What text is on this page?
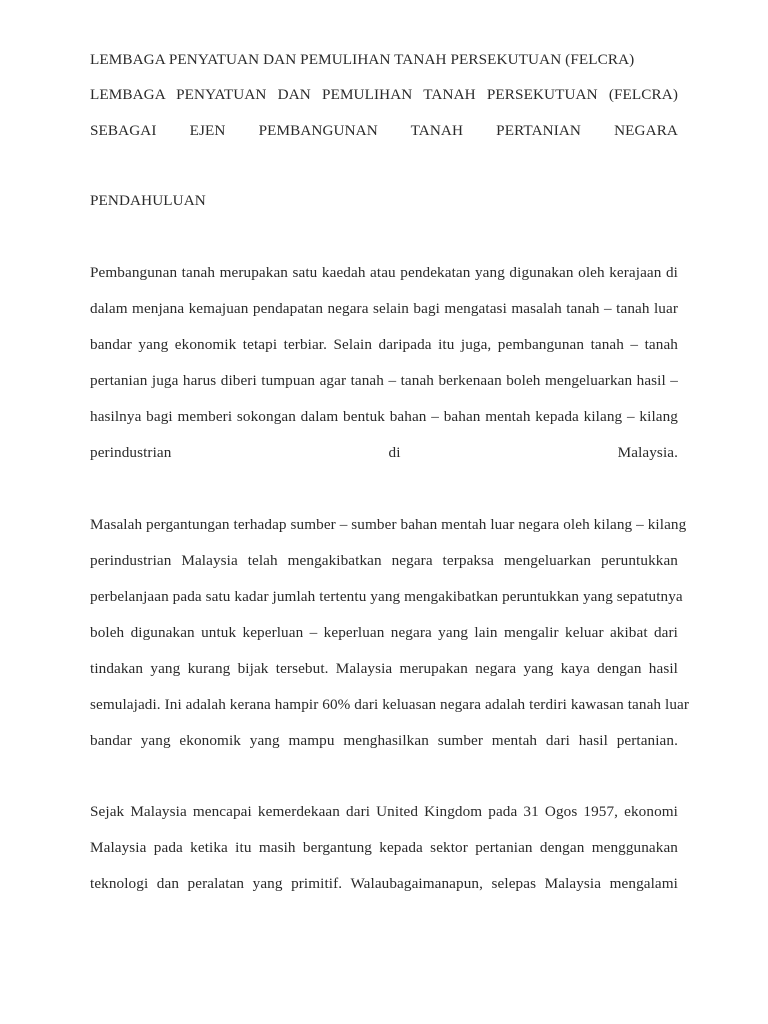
LEMBAGA PENYATUAN DAN PEMULIHAN TANAH PERSEKUTUAN (FELCRA)
LEMBAGA PENYATUAN DAN PEMULIHAN TANAH PERSEKUTUAN (FELCRA)
SEBAGAI EJEN PEMBANGUNAN TANAH PERTANIAN NEGARA
PENDAHULUAN
Pembangunan tanah merupakan satu kaedah atau pendekatan yang digunakan oleh kerajaan di
dalam menjana kemajuan pendapatan negara selain bagi mengatasi masalah tanah – tanah luar
bandar yang ekonomik tetapi terbiar. Selain daripada itu juga, pembangunan tanah – tanah
pertanian juga harus diberi tumpuan agar tanah – tanah berkenaan boleh mengeluarkan hasil –
hasilnya bagi memberi sokongan dalam bentuk bahan – bahan mentah kepada kilang – kilang
perindustrian di Malaysia.
Masalah pergantungan terhadap sumber – sumber bahan mentah luar negara oleh kilang – kilang
perindustrian Malaysia telah mengakibatkan negara terpaksa mengeluarkan peruntukkan
perbelanjaan pada satu kadar jumlah tertentu yang mengakibatkan peruntukkan yang sepatutnya
boleh digunakan untuk keperluan – keperluan negara yang lain mengalir keluar akibat dari
tindakan yang kurang bijak tersebut. Malaysia merupakan negara yang kaya dengan hasil
semulajadi. Ini adalah kerana hampir 60% dari keluasan negara adalah terdiri kawasan tanah luar
bandar yang ekonomik yang mampu menghasilkan sumber mentah dari hasil pertanian.
Sejak Malaysia mencapai kemerdekaan dari United Kingdom pada 31 Ogos 1957, ekonomi
Malaysia pada ketika itu masih bergantung kepada sektor pertanian dengan menggunakan
teknologi dan peralatan yang primitif. Walaubagaimanapun, selepas Malaysia mengalami
